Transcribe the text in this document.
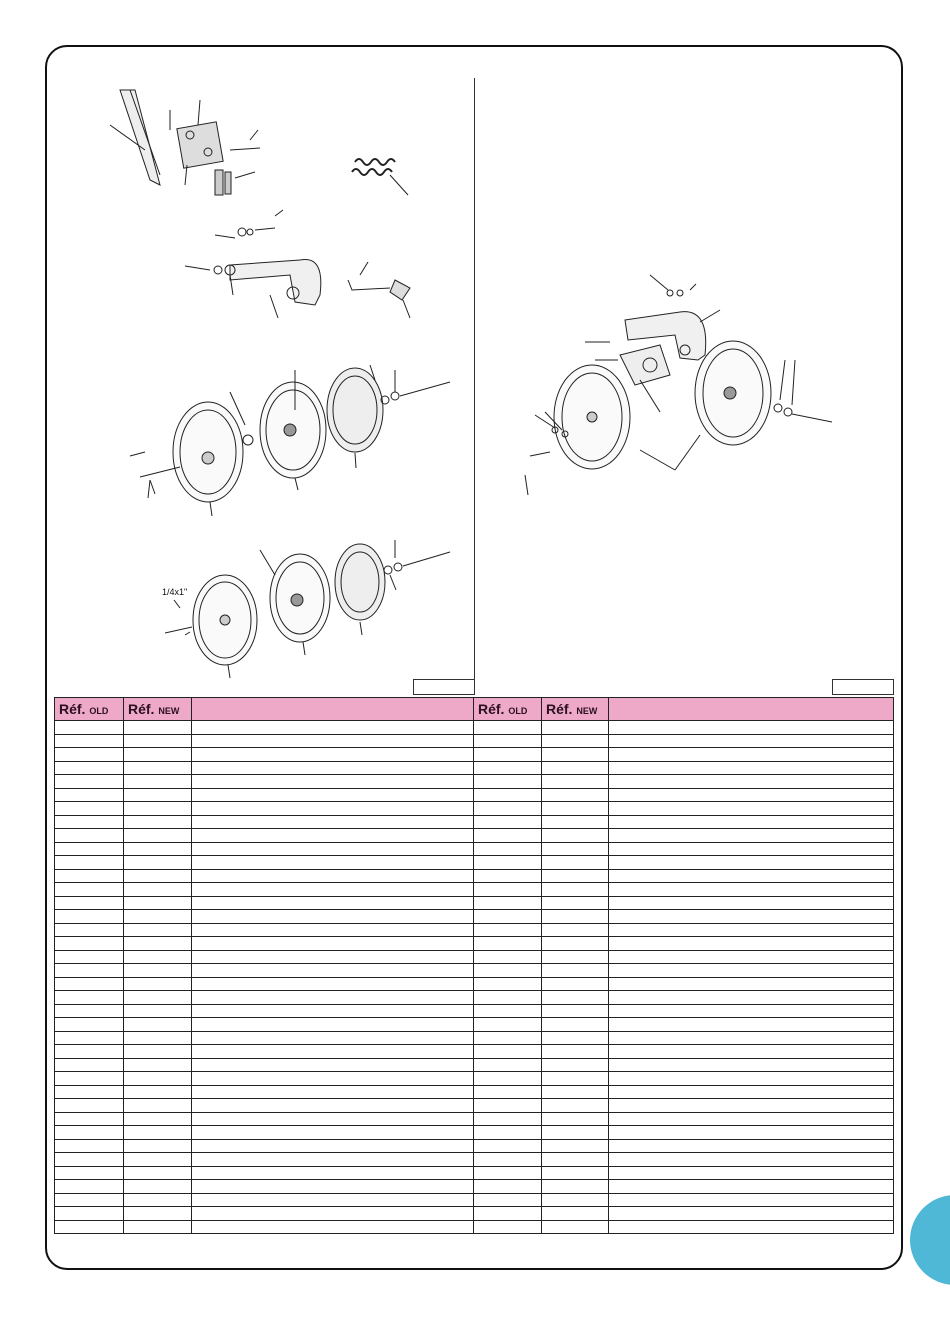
1/4x1"
Réf. OLD	Réf. NEW		Réf. OLD	Réf. NEW	
